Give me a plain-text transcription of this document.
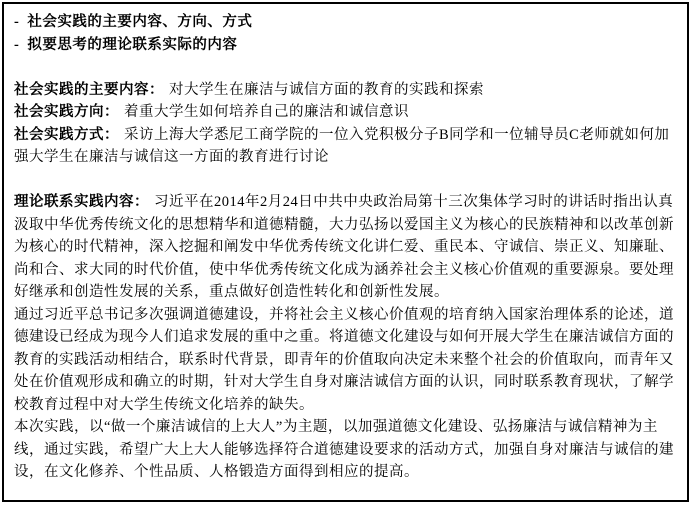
- 社会实践的主要内容、方向、方式

- 拟要思考的理论联系实际的内容

社会实践的主要内容： 对大学生在廉洁与诚信方面的教育的实践和探索

社会实践方向： 着重大学生如何培养自己的廉洁和诚信意识

社会实践方式： 采访上海大学悉尼工商学院的一位入党积极分子B同学和一位辅导员C老师就如何加强大学生在廉洁与诚信这一方面的教育进行讨论

理论联系实践内容： 习近平在2014年2月24日中共中央政治局第十三次集体学习时的讲话时指出认真汲取中华优秀传统文化的思想精华和道德精髓，大力弘扬以爱国主义为核心的民族精神和以改革创新为核心的时代精神，深入挖掘和阐发中华优秀传统文化讲仁爱、重民本、守诚信、崇正义、知廉耻、尚和合、求大同的时代价值，使中华优秀传统文化成为涵养社会主义核心价值观的重要源泉。要处理好继承和创造性发展的关系，重点做好创造性转化和创新性发展。

通过习近平总书记多次强调道德建设，并将社会主义核心价值观的培育纳入国家治理体系的论述，道德建设已经成为现今人们追求发展的重中之重。将道德文化建设与如何开展大学生在廉洁诚信方面的教育的实践活动相结合，联系时代背景，即青年的价值取向决定未来整个社会的价值取向，而青年又处在价值观形成和确立的时期，针对大学生自身对廉洁诚信方面的认识，同时联系教育现状，了解学校教育过程中对大学生传统文化培养的缺失。

本次实践，以“做一个廉洁诚信的上大人”为主题，以加强道德文化建设、弘扬廉洁与诚信精神为主线，通过实践，希望广大上大人能够选择符合道德建设要求的活动方式，加强自身对廉洁与诚信的建设，在文化修养、个性品质、人格锻造方面得到相应的提高。
